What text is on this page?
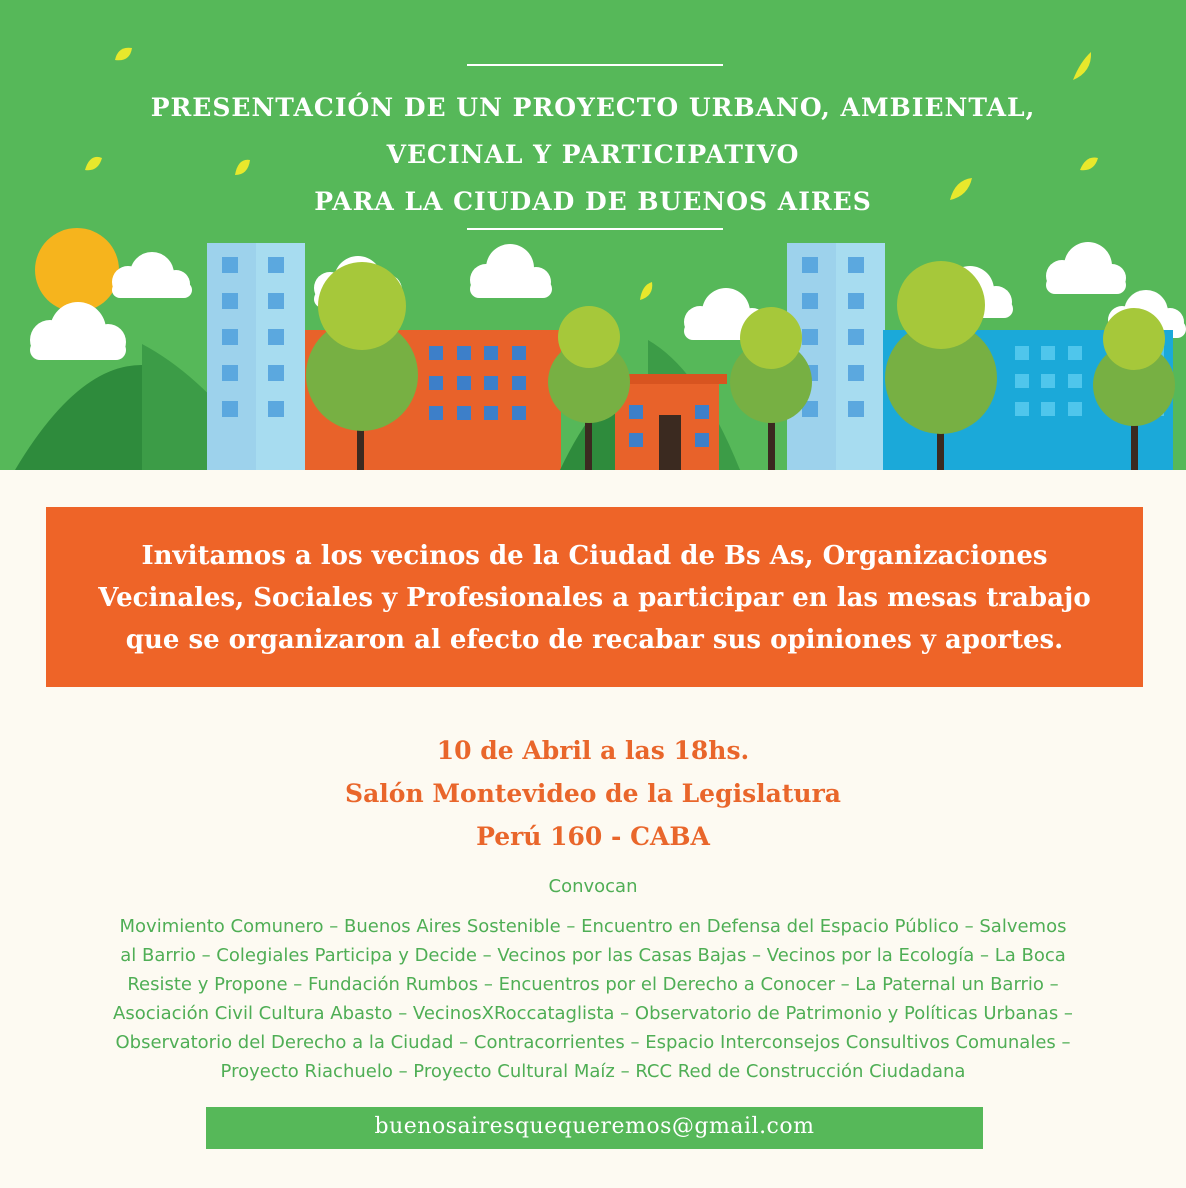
PRESENTACIÓN DE UN PROYECTO URBANO, AMBIENTAL,
VECINAL Y PARTICIPATIVO
PARA LA CIUDAD DE BUENOS AIRES
Invitamos a los vecinos de la Ciudad de Bs As, Organizaciones
Vecinales, Sociales y Profesionales a participar en las mesas trabajo
que se organizaron al efecto de recabar sus opiniones y aportes.
10 de Abril a las 18hs.
Salón Montevideo de la Legislatura
Perú 160 - CABA
Convocan
Movimiento Comunero – Buenos Aires Sostenible – Encuentro en Defensa del Espacio Público – Salvemos
al Barrio – Colegiales Participa y Decide – Vecinos por las Casas Bajas – Vecinos por la Ecología – La Boca
Resiste y Propone – Fundación Rumbos – Encuentros por el Derecho a Conocer – La Paternal un Barrio –
Asociación Civil Cultura Abasto – VecinosXRoccataglista – Observatorio de Patrimonio y Políticas Urbanas –
Observatorio del Derecho a la Ciudad – Contracorrientes – Espacio Interconsejos Consultivos Comunales –
Proyecto Riachuelo – Proyecto Cultural Maíz – RCC Red de Construcción Ciudadana
buenosairesquequeremos@gmail.com
